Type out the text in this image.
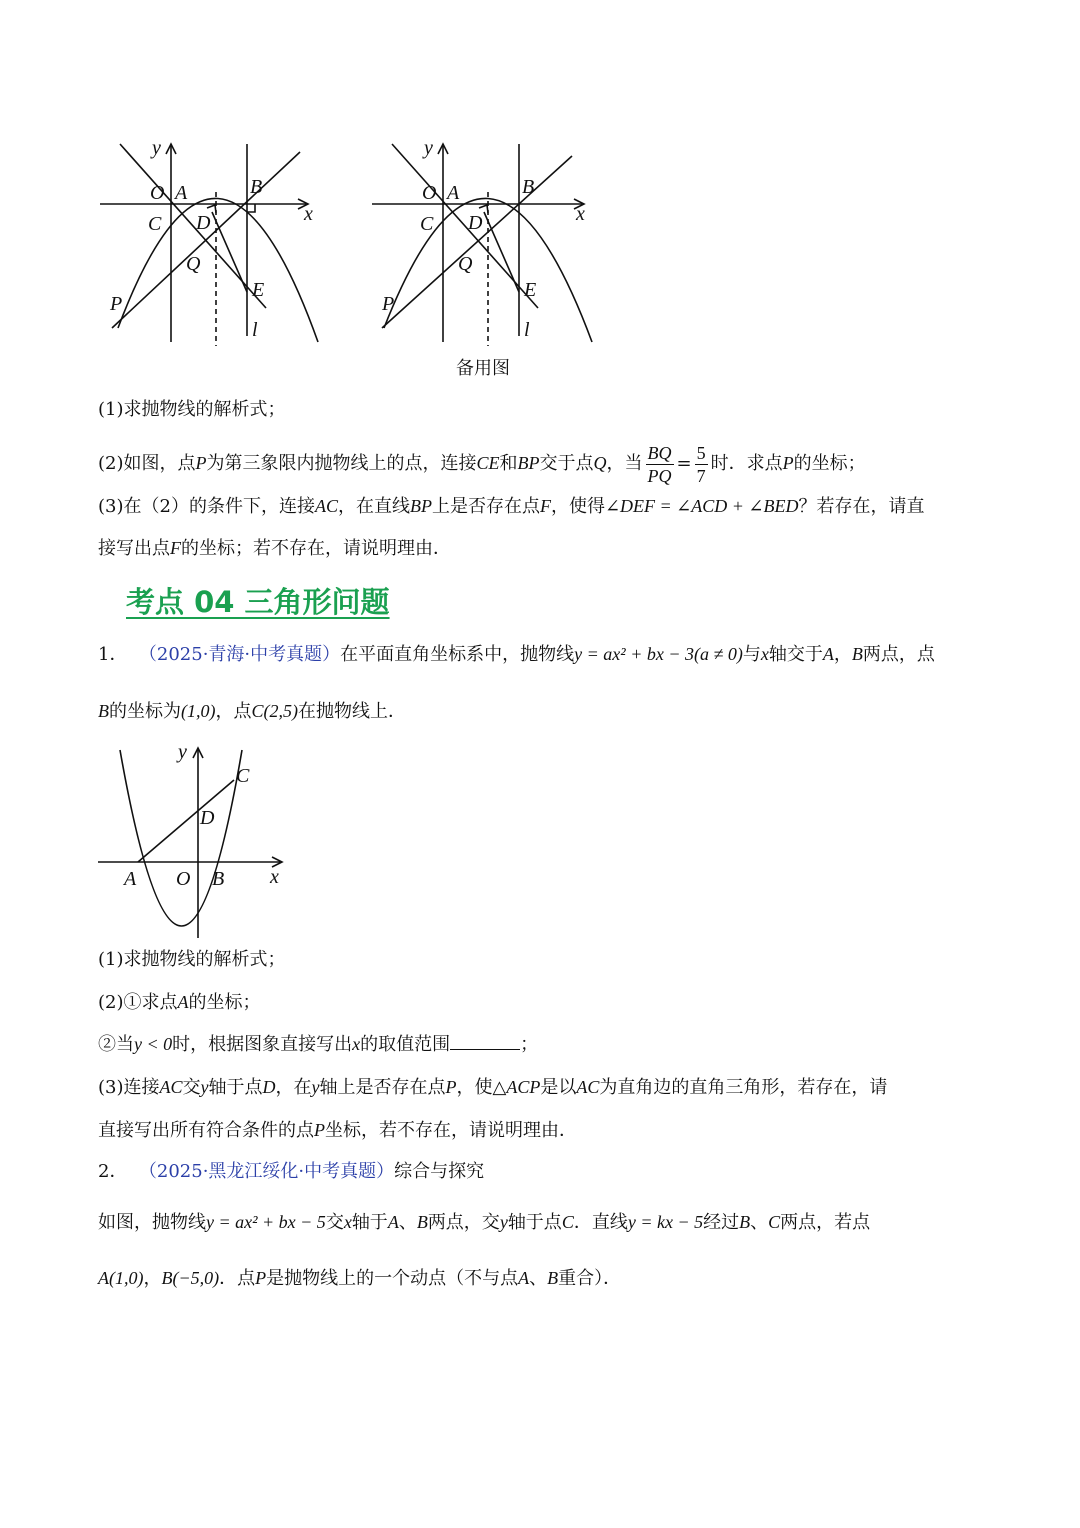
y
O A	B
x
C D
Q
P
E
l
y
O A	B
x
C D
Q
P
E
l
备用图
(1)求抛物线的解析式；
(2)如图，点P为第三象限内抛物线上的点，连接CE和BP交于点Q，当 $\frac{BQ}{PQ} = \frac{5}{7}$ 时．求点P的坐标；
(3)在（2）的条件下，连接AC，在直线BP上是否存在点F，使得∠DEF = ∠ACD + ∠BED？若存在，请直
接写出点F的坐标；若不存在，请说明理由．
考点 04 三角形问题
1． （2025·青海·中考真题）在平面直角坐标系中，抛物线y = ax² + bx − 3(a ≠ 0)与x轴交于A，B两点，点
B的坐标为(1,0)，点C(2,5)在抛物线上．
y
C
D
A O B x
(1)求抛物线的解析式；
(2)①求点A的坐标；
②当y < 0时，根据图象直接写出x的取值范围	；
(3)连接AC交y轴于点D，在y轴上是否存在点P，使△ACP是以AC为直角边的直角三角形，若存在，请
直接写出所有符合条件的点P坐标，若不存在，请说明理由．
2． （2025·黑龙江绥化·中考真题）综合与探究
如图，抛物线y = ax² + bx − 5交x轴于A、B两点，交y轴于点C．直线y = kx − 5经过B、C两点，若点
A(1,0)，B(−5,0)．点P是抛物线上的一个动点（不与点A、B重合）．
